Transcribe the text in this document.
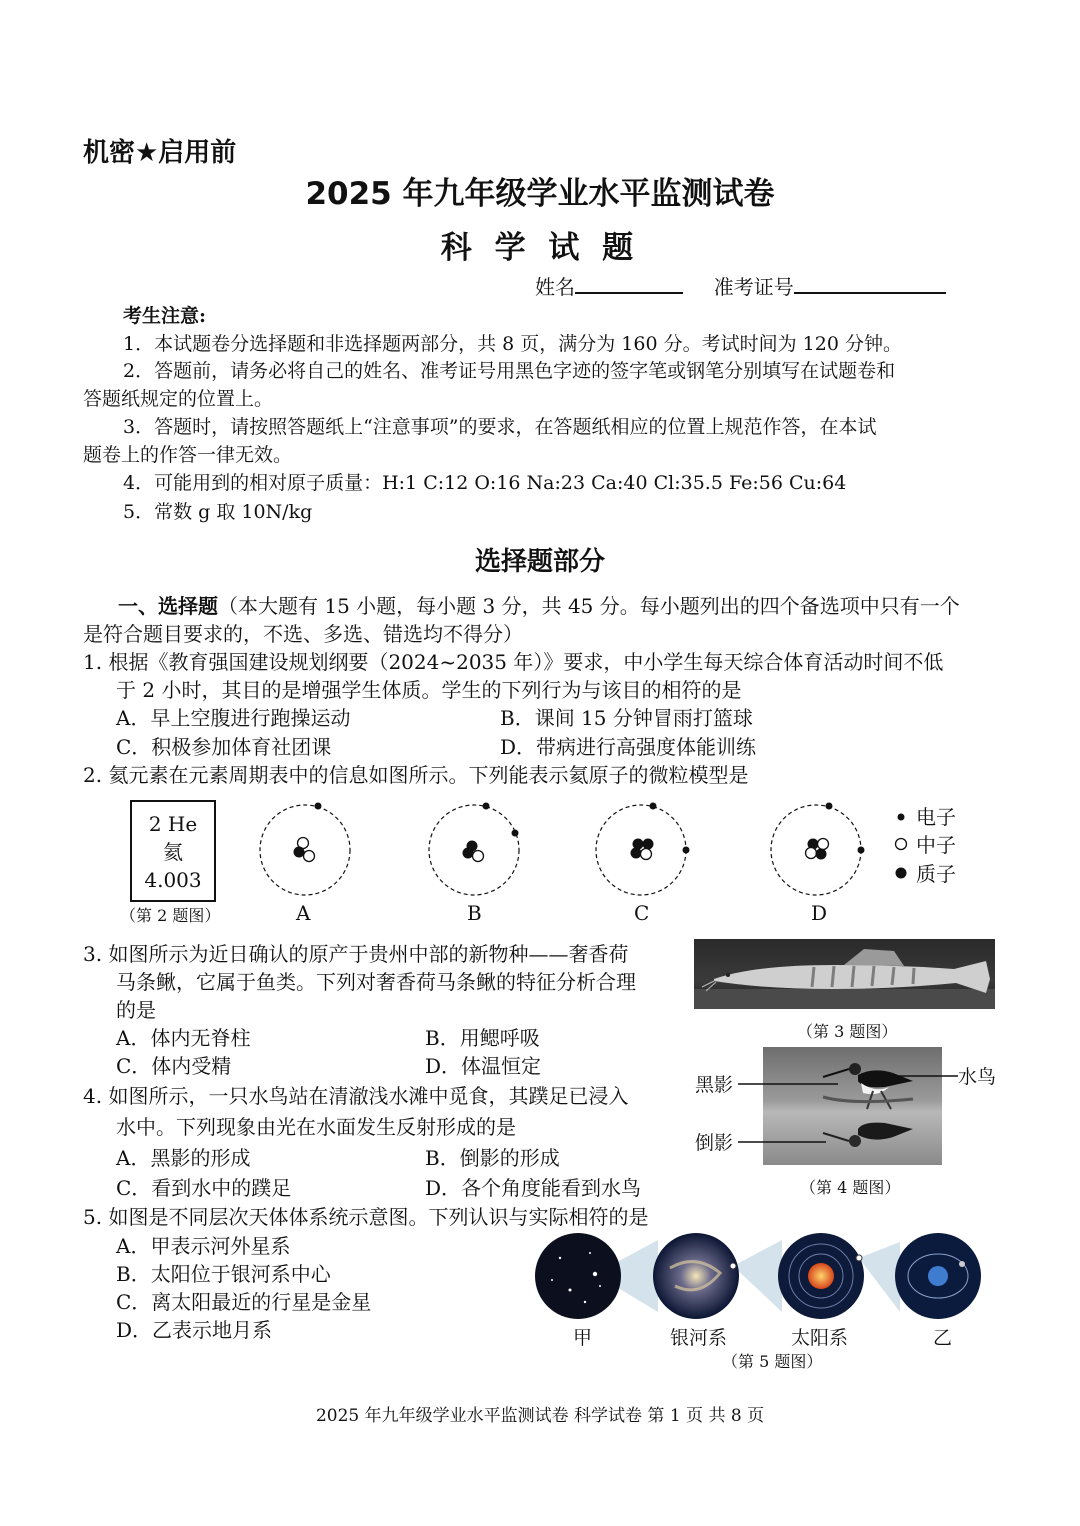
机密★启用前
2025 年九年级学业水平监测试卷
科 学 试 题
姓名	准考证号
考生注意:
1．本试题卷分选择题和非选择题两部分，共 8 页，满分为 160 分。考试时间为 120 分钟。
2．答题前，请务必将自己的姓名、准考证号用黑色字迹的签字笔或钢笔分别填写在试题卷和
答题纸规定的位置上。
3．答题时，请按照答题纸上“注意事项”的要求，在答题纸相应的位置上规范作答，在本试
题卷上的作答一律无效。
4．可能用到的相对原子质量：H:1 C:12 O:16 Na:23 Ca:40 Cl:35.5 Fe:56 Cu:64
5．常数 g 取 10N/kg
选择题部分
一、选择题（本大题有 15 小题，每小题 3 分，共 45 分。每小题列出的四个备选项中只有一个
是符合题目要求的，不选、多选、错选均不得分）
1. 根据《教育强国建设规划纲要（2024~2035 年）》要求，中小学生每天综合体育活动时间不低
于 2 小时，其目的是增强学生体质。学生的下列行为与该目的相符的是
A．早上空腹进行跑操运动	B．课间 15 分钟冒雨打篮球
C．积极参加体育社团课	D．带病进行高强度体能训练
2. 氦元素在元素周期表中的信息如图所示。下列能表示氦原子的微粒模型是
2 He
氦
4.003
（第 2 题图）	A	B	C	D
电子
中子
质子
3. 如图所示为近日确认的原产于贵州中部的新物种——奢香荷
马条鳅，它属于鱼类。下列对奢香荷马条鳅的特征分析合理
的是
A．体内无脊柱	B．用鳃呼吸
C．体内受精	D．体温恒定
（第 3 题图）
4. 如图所示，一只水鸟站在清澈浅水滩中觅食，其蹼足已浸入
水中。下列现象由光在水面发生反射形成的是
A．黑影的形成	B．倒影的形成
C．看到水中的蹼足	D．各个角度能看到水鸟
黑影	水鸟
倒影
（第 4 题图）
5. 如图是不同层次天体体系统示意图。下列认识与实际相符的是
A．甲表示河外星系
B．太阳位于银河系中心
C．离太阳最近的行星是金星
D．乙表示地月系	甲	银河系	太阳系	乙
（第 5 题图）
2025 年九年级学业水平监测试卷 科学试卷 第 1 页 共 8 页
